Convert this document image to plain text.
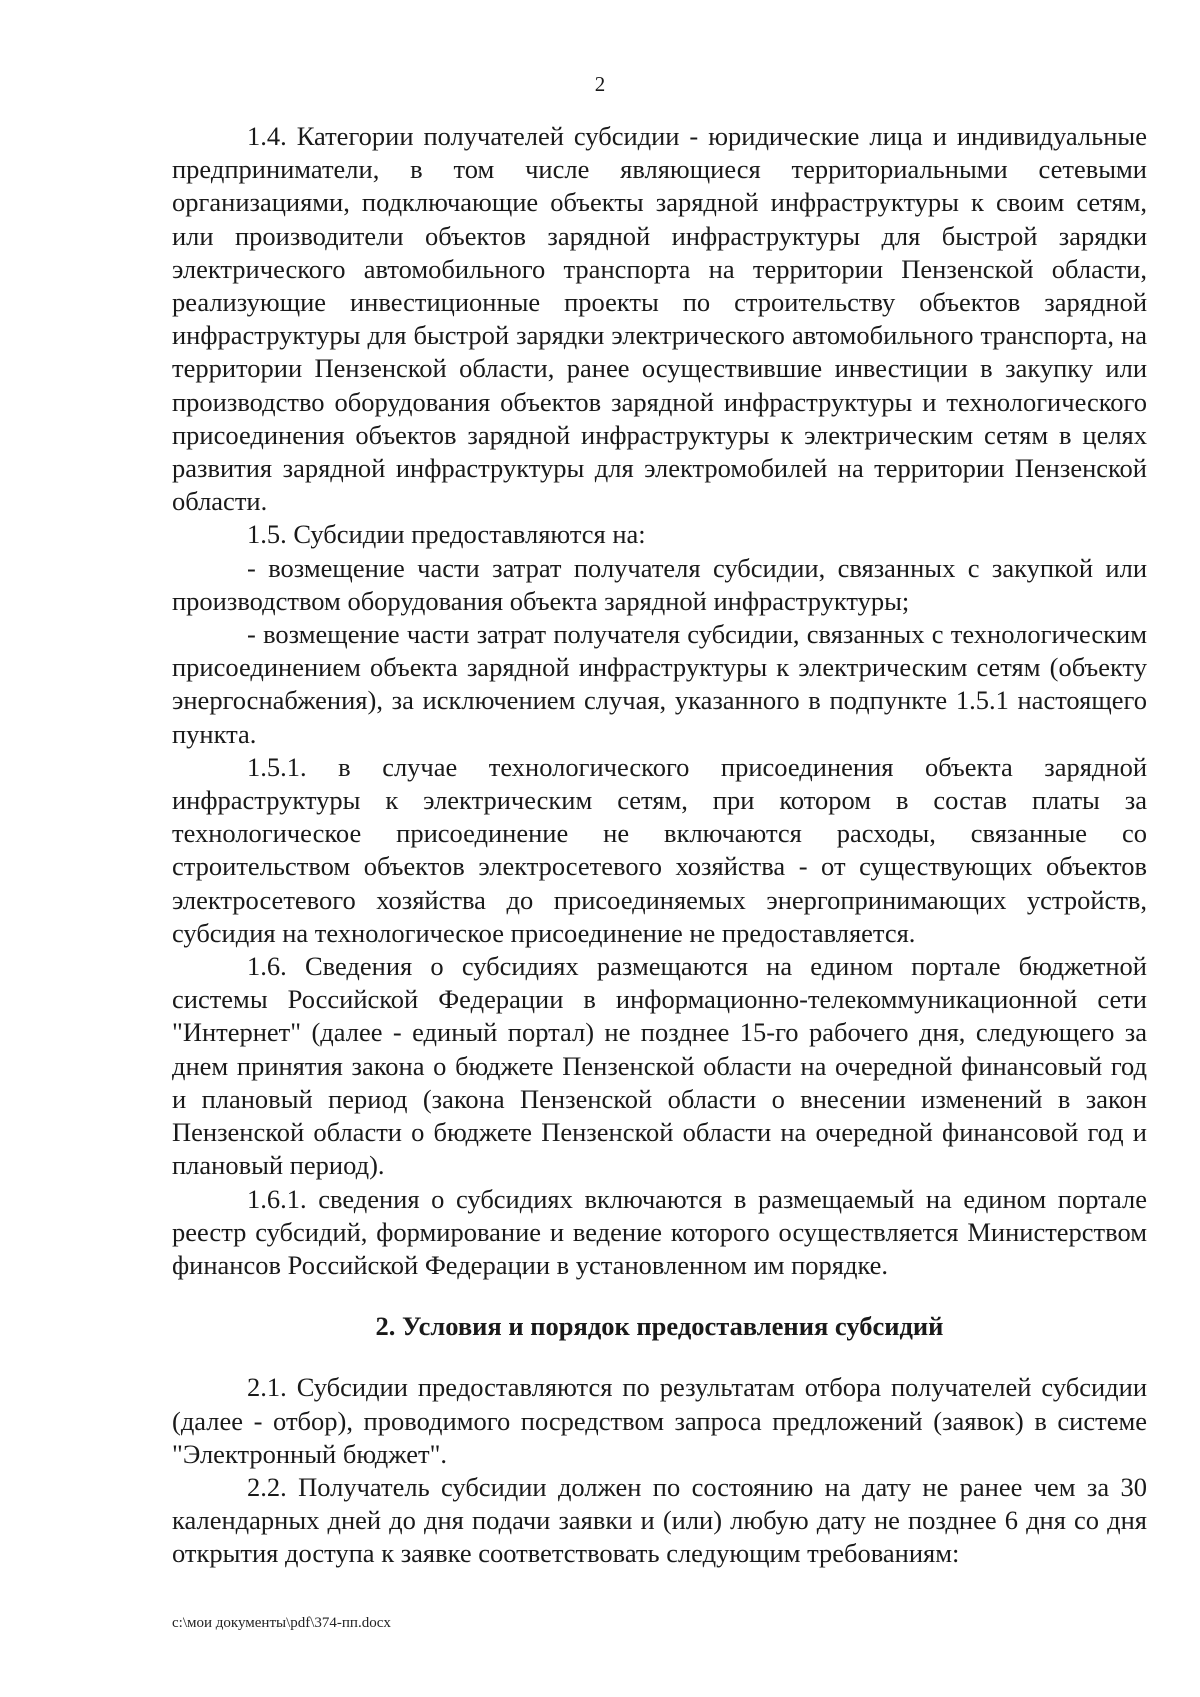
2

1.4. Категории получателей субсидии - юридические лица и индивидуальные предприниматели, в том числе являющиеся территориальными сетевыми организациями, подключающие объекты зарядной инфраструктуры к своим сетям, или производители объектов зарядной инфраструктуры для быстрой зарядки электрического автомобильного транспорта на территории Пензенской области, реализующие инвестиционные проекты по строительству объектов зарядной инфраструктуры для быстрой зарядки электрического автомобильного транспорта, на территории Пензенской области, ранее осуществившие инвестиции в закупку или производство оборудования объектов зарядной инфраструктуры и технологического присоединения объектов зарядной инфраструктуры к электрическим сетям в целях развития зарядной инфраструктуры для электромобилей на территории Пензенской области.

1.5. Субсидии предоставляются на:

- возмещение части затрат получателя субсидии, связанных с закупкой или производством оборудования объекта зарядной инфраструктуры;

- возмещение части затрат получателя субсидии, связанных с технологическим присоединением объекта зарядной инфраструктуры к электрическим сетям (объекту энергоснабжения), за исключением случая, указанного в подпункте 1.5.1 настоящего пункта.

1.5.1. в случае технологического присоединения объекта зарядной инфраструктуры к электрическим сетям, при котором в состав платы за технологическое присоединение не включаются расходы, связанные со строительством объектов электросетевого хозяйства - от существующих объектов электросетевого хозяйства до присоединяемых энергопринимающих устройств, субсидия на технологическое присоединение не предоставляется.

1.6. Сведения о субсидиях размещаются на едином портале бюджетной системы Российской Федерации в информационно-телекоммуникационной сети "Интернет" (далее - единый портал) не позднее 15-го рабочего дня, следующего за днем принятия закона о бюджете Пензенской области на очередной финансовый год и плановый период (закона Пензенской области о внесении изменений в закон Пензенской области о бюджете Пензенской области на очередной финансовой год и плановый период).

1.6.1. сведения о субсидиях включаются в размещаемый на едином портале реестр субсидий, формирование и ведение которого осуществляется Министерством финансов Российской Федерации в установленном им порядке.

2. Условия и порядок предоставления субсидий

2.1. Субсидии предоставляются по результатам отбора получателей субсидии (далее - отбор), проводимого посредством запроса предложений (заявок) в системе "Электронный бюджет".

2.2. Получатель субсидии должен по состоянию на дату не ранее чем за 30 календарных дней до дня подачи заявки и (или) любую дату не позднее 6 дня со дня открытия доступа к заявке соответствовать следующим требованиям:

c:\мои документы\pdf\374-пп.docx
